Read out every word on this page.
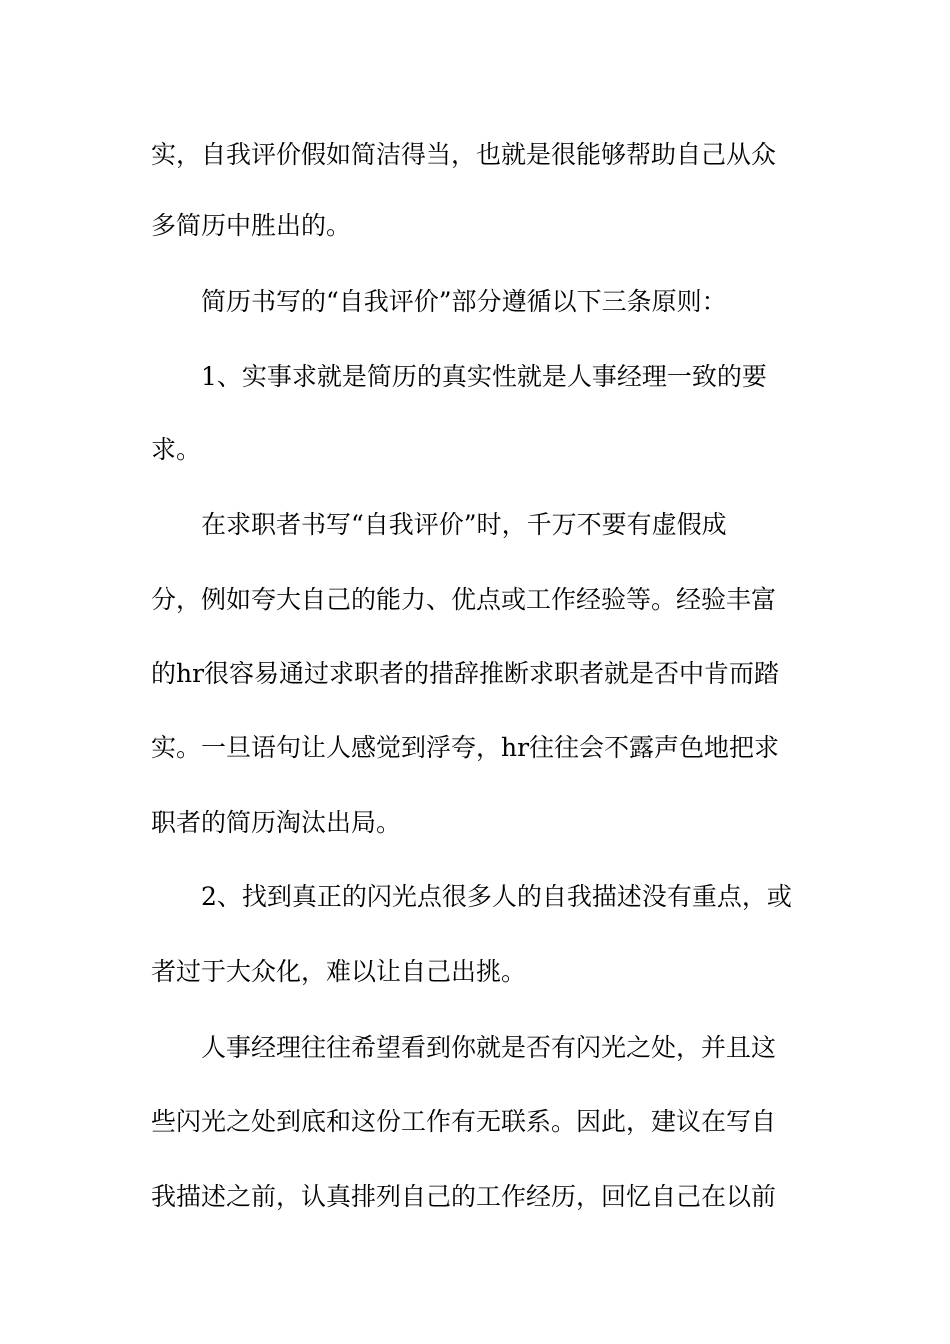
实，自我评价假如简洁得当，也就是很能够帮助自己从众
多简历中胜出的。
简历书写的“自我评价”部分遵循以下三条原则：
1、实事求就是简历的真实性就是人事经理一致的要
求。
在求职者书写“自我评价”时，千万不要有虚假成
分，例如夸大自己的能力、优点或工作经验等。经验丰富
的hr很容易通过求职者的措辞推断求职者就是否中肯而踏
实。一旦语句让人感觉到浮夸，hr往往会不露声色地把求
职者的简历淘汰出局。
2、找到真正的闪光点很多人的自我描述没有重点，或
者过于大众化，难以让自己出挑。
人事经理往往希望看到你就是否有闪光之处，并且这
些闪光之处到底和这份工作有无联系。因此，建议在写自
我描述之前，认真排列自己的工作经历，回忆自己在以前
